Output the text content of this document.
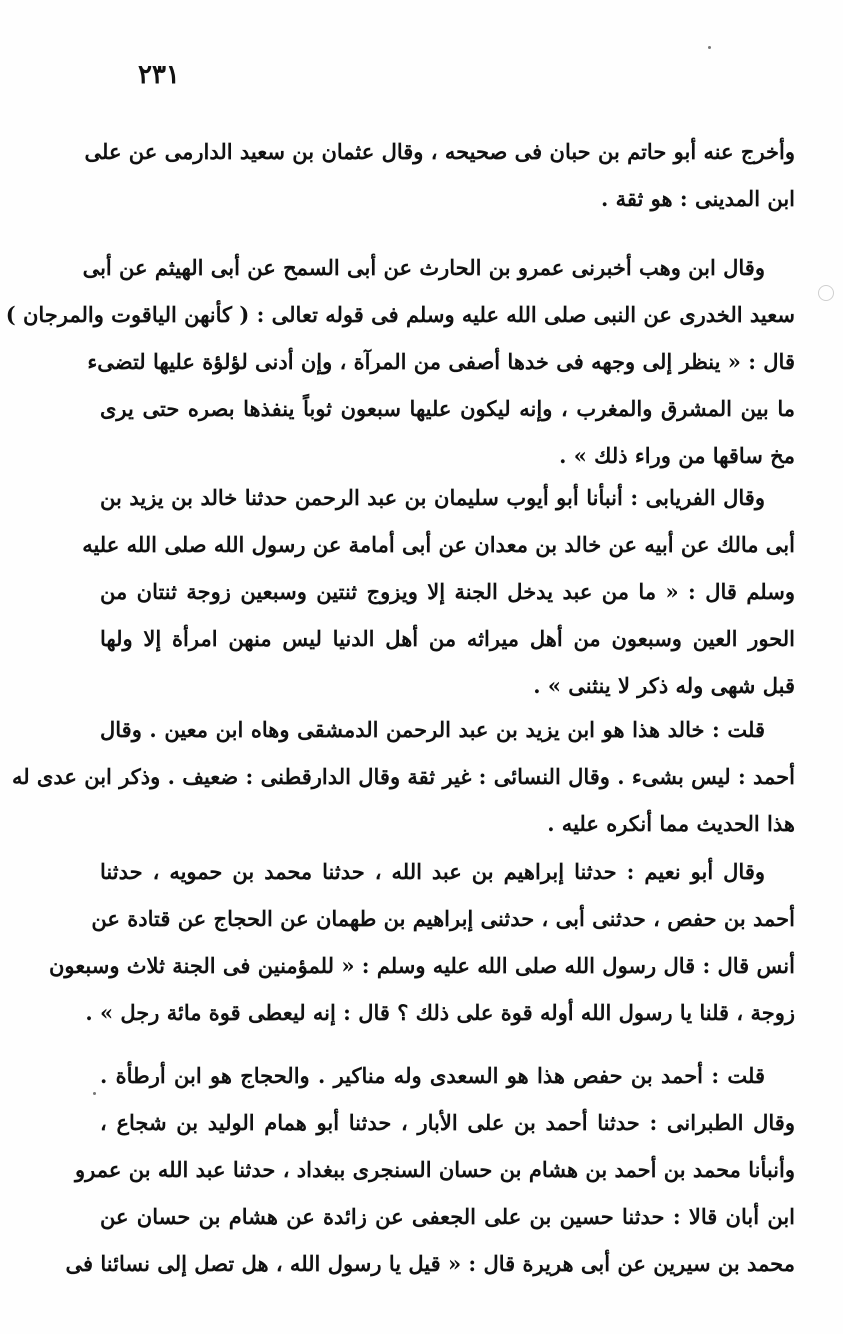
٢٣١
وأخرج عنه أبو حاتم بن حبان فى صحيحه ، وقال عثمان بن سعيد الدارمى عن على
ابن المدينى : هو ثقة .
وقال ابن وهب أخبرنى عمرو بن الحارث عن أبى السمح عن أبى الهيثم عن أبى
سعيد الخدرى عن النبى صلى الله عليه وسلم فى قوله تعالى : ( كأنهن الياقوت والمرجان )
قال : « ينظر إلى وجهه فى خدها أصفى من المرآة ، وإن أدنى لؤلؤة عليها لتضىء
ما بين المشرق والمغرب ، وإنه ليكون عليها سبعون ثوباً ينفذها بصره حتى يرى
مخ ساقها من وراء ذلك » .
وقال الفريابى : أنبأنا أبو أيوب سليمان بن عبد الرحمن حدثنا خالد بن يزيد بن
أبى مالك عن أبيه عن خالد بن معدان عن أبى أمامة عن رسول الله صلى الله عليه
وسلم قال : « ما من عبد يدخل الجنة إلا ويزوج ثنتين وسبعين زوجة ثنتان من
الحور العين وسبعون من أهل ميراثه من أهل الدنيا ليس منهن امرأة إلا ولها
قبل شهى وله ذكر لا ينثنى » .
قلت : خالد هذا هو ابن يزيد بن عبد الرحمن الدمشقى وهاه ابن معين . وقال
أحمد : ليس بشىء . وقال النسائى : غير ثقة وقال الدارقطنى : ضعيف . وذكر ابن عدى له
هذا الحديث مما أنكره عليه .
وقال أبو نعيم : حدثنا إبراهيم بن عبد الله ، حدثنا محمد بن حمويه ، حدثنا
أحمد بن حفص ، حدثنى أبى ، حدثنى إبراهيم بن طهمان عن الحجاج عن قتادة عن
أنس قال : قال رسول الله صلى الله عليه وسلم : « للمؤمنين فى الجنة ثلاث وسبعون
زوجة ، قلنا يا رسول الله أوله قوة على ذلك ؟ قال : إنه ليعطى قوة مائة رجل » .
قلت : أحمد بن حفص هذا هو السعدى وله مناكير . والحجاج هو ابن أرطأة .
وقال الطبرانى : حدثنا أحمد بن على الأبار ، حدثنا أبو همام الوليد بن شجاع ،
وأنبأنا محمد بن أحمد بن هشام بن حسان السنجرى ببغداد ، حدثنا عبد الله بن عمرو
ابن أبان قالا : حدثنا حسين بن على الجعفى عن زائدة عن هشام بن حسان عن
محمد بن سيرين عن أبى هريرة قال : « قيل يا رسول الله ، هل تصل إلى نسائنا فى
